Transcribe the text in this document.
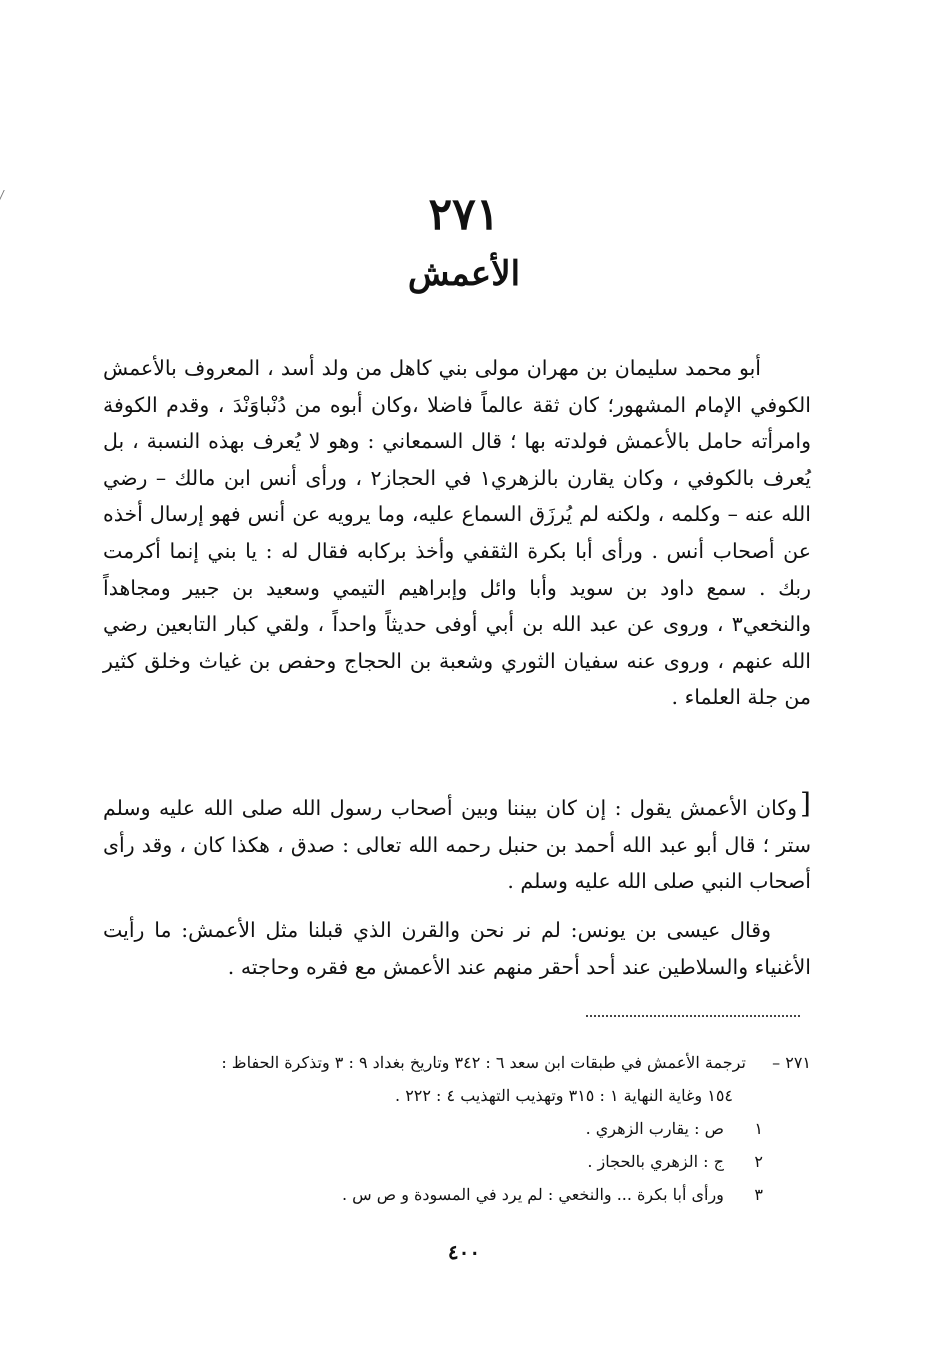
٢٧١
الأعمش

أبو محمد سليمان بن مهران مولى بني كاهل من ولد أسد ، المعروف بالأعمش الكوفي الإمام المشهور؛ كان ثقة عالماً فاضلا ،وكان أبوه من دُنْباوَنْدَ ، وقدم الكوفة وامرأته حامل بالأعمش فولدته بها ؛ قال السمعاني : وهو لا يُعرف بهذه النسبة ، بل يُعرف بالكوفي ، وكان يقارن بالزهري١ في الحجاز٢ ، ورأى أنس ابن مالك – رضي الله عنه – وكلمه ، ولكنه لم يُرزَق السماع عليه، وما يرويه عن أنس فهو إرسال أخذه عن أصحاب أنس . ورأى أبا بكرة الثقفي وأخذ بركابه فقال له : يا بني إنما أكرمت ربك . سمع داود بن سويد وأبا وائل وإبراهيم التيمي وسعيد بن جبير ومجاهداً والنخعي٣ ، وروى عن عبد الله بن أبي أوفى حديثاً واحداً ، ولقي كبار التابعين رضي الله عنهم ، وروى عنه سفيان الثوري وشعبة بن الحجاج وحفص بن غياث وخلق كثير من جلة العلماء .

[

وكان الأعمش يقول : إن كان بيننا وبين أصحاب رسول الله صلى الله عليه وسلم ستر ؛ قال أبو عبد الله أحمد بن حنبل رحمه الله تعالى : صدق ، هكذا كان ، وقد رأى أصحاب النبي صلى الله عليه وسلم .

وقال عيسى بن يونس: لم نر نحن والقرن الذي قبلنا مثل الأعمش: ما رأيت الأغنياء والسلاطين عند أحد أحقر منهم عند الأعمش مع فقره وحاجته .

٢٧١ – ترجمة الأعمش في طبقات ابن سعد ٦ : ٣٤٢ وتاريخ بغداد ٩ : ٣ وتذكرة الحفاظ :

١٥٤ وغاية النهاية ١ : ٣١٥ وتهذيب التهذيب ٤ : ٢٢٢ .

١ ص : يقارب الزهري .

٢ ج : الزهري بالحجاز .

٣ ورأى أبا بكرة ... والنخعي : لم يرد في المسودة و ص س .

٤٠٠
